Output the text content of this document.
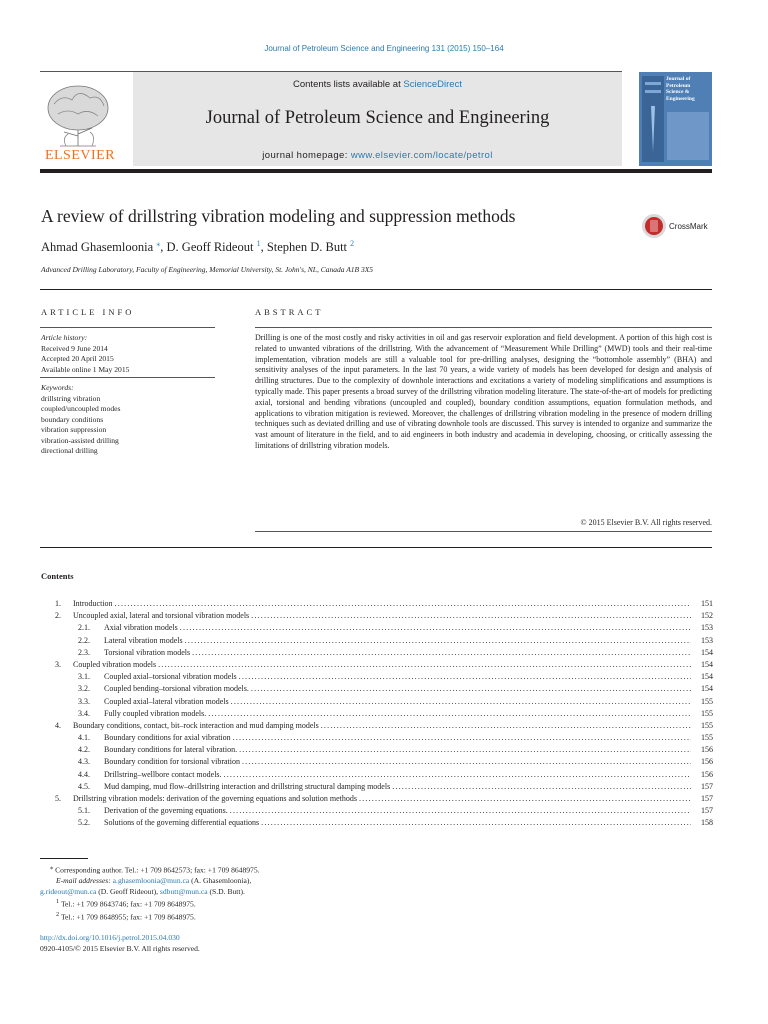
Journal of Petroleum Science and Engineering 131 (2015) 150–164
ELSEVIER
Contents lists available at ScienceDirect
Journal of Petroleum Science and Engineering
journal homepage: www.elsevier.com/locate/petrol
Journal of
Petroleum
Science &
Engineering
A review of drillstring vibration modeling and suppression methods
CrossMark
Ahmad Ghasemloonia ⁎, D. Geoff Rideout $^1$, Stephen D. Butt $^2$
Advanced Drilling Laboratory, Faculty of Engineering, Memorial University, St. John's, NL, Canada A1B 3X5
ARTICLE INFO
Article history:
Received 9 June 2014
Accepted 20 April 2015
Available online 1 May 2015
Keywords:
drillstring vibration
coupled/uncoupled modes
boundary conditions
vibration suppression
vibration-assisted drilling
directional drilling
ABSTRACT
Drilling is one of the most costly and risky activities in oil and gas reservoir exploration and field development. A portion of this high cost is related to unwanted vibrations of the drillstring. With the advancement of “Measurement While Drilling” (MWD) tools and their real-time implementation, vibration models are still a valuable tool for pre-drilling analyses, designing the “bottomhole assembly” (BHA) and sensitivity analyses of the input parameters. In the last 70 years, a wide variety of models has been developed for design and analysis of drilling structures. Due to the complexity of downhole interactions and excitations a variety of modeling simplifications and assumptions is typically made. This paper presents a broad survey of the drillstring vibration modeling literature. The state-of-the-art of models for predicting axial, torsional and bending vibrations (uncoupled and coupled), boundary condition assumptions, equation formulation methods, and applications to vibration mitigation is reviewed. Moreover, the challenges of drillstring vibration modeling in the presence of modern drilling techniques such as deviated drilling and use of vibrating downhole tools are discussed. This survey is intended to organize and summarize the vast amount of literature in the field, and to aid engineers in both industry and academia in developing, choosing, or critically assessing the limitations of drillstring vibration models.
© 2015 Elsevier B.V. All rights reserved.
Contents
1.	Introduction .....	151
2.	Uncoupled axial, lateral and torsional vibration models .....	152
2.1.	Axial vibration models .....	153
2.2.	Lateral vibration models .....	153
2.3.	Torsional vibration models .....	154
3.	Coupled vibration models .....	154
3.1.	Coupled axial–torsional vibration models .....	154
3.2.	Coupled bending–torsional vibration models. .....	154
3.3.	Coupled axial–lateral vibration models .....	155
3.4.	Fully coupled vibration models. .....	155
4.	Boundary conditions, contact, bit–rock interaction and mud damping models .....	155
4.1.	Boundary conditions for axial vibration .....	155
4.2.	Boundary conditions for lateral vibration. .....	156
4.3.	Boundary condition for torsional vibration .....	156
4.4.	Drillstring–wellbore contact models. .....	156
4.5.	Mud damping, mud flow–drillstring interaction and drillstring structural damping models .....	157
5.	Drillstring vibration models: derivation of the governing equations and solution methods .....	157
5.1.	Derivation of the governing equations. .....	157
5.2.	Solutions of the governing differential equations .....	158
⁎ Corresponding author. Tel.: +1 709 8642573; fax: +1 709 8648975.
E-mail addresses: a.ghasemloonia@mun.ca (A. Ghasemloonia),
g.rideout@mun.ca (D. Geoff Rideout), sdbutt@mun.ca (S.D. Butt).
$^1$ Tel.: +1 709 8643746; fax: +1 709 8648975.
$^2$ Tel.: +1 709 8648955; fax: +1 709 8648975.
http://dx.doi.org/10.1016/j.petrol.2015.04.030
0920-4105/© 2015 Elsevier B.V. All rights reserved.
